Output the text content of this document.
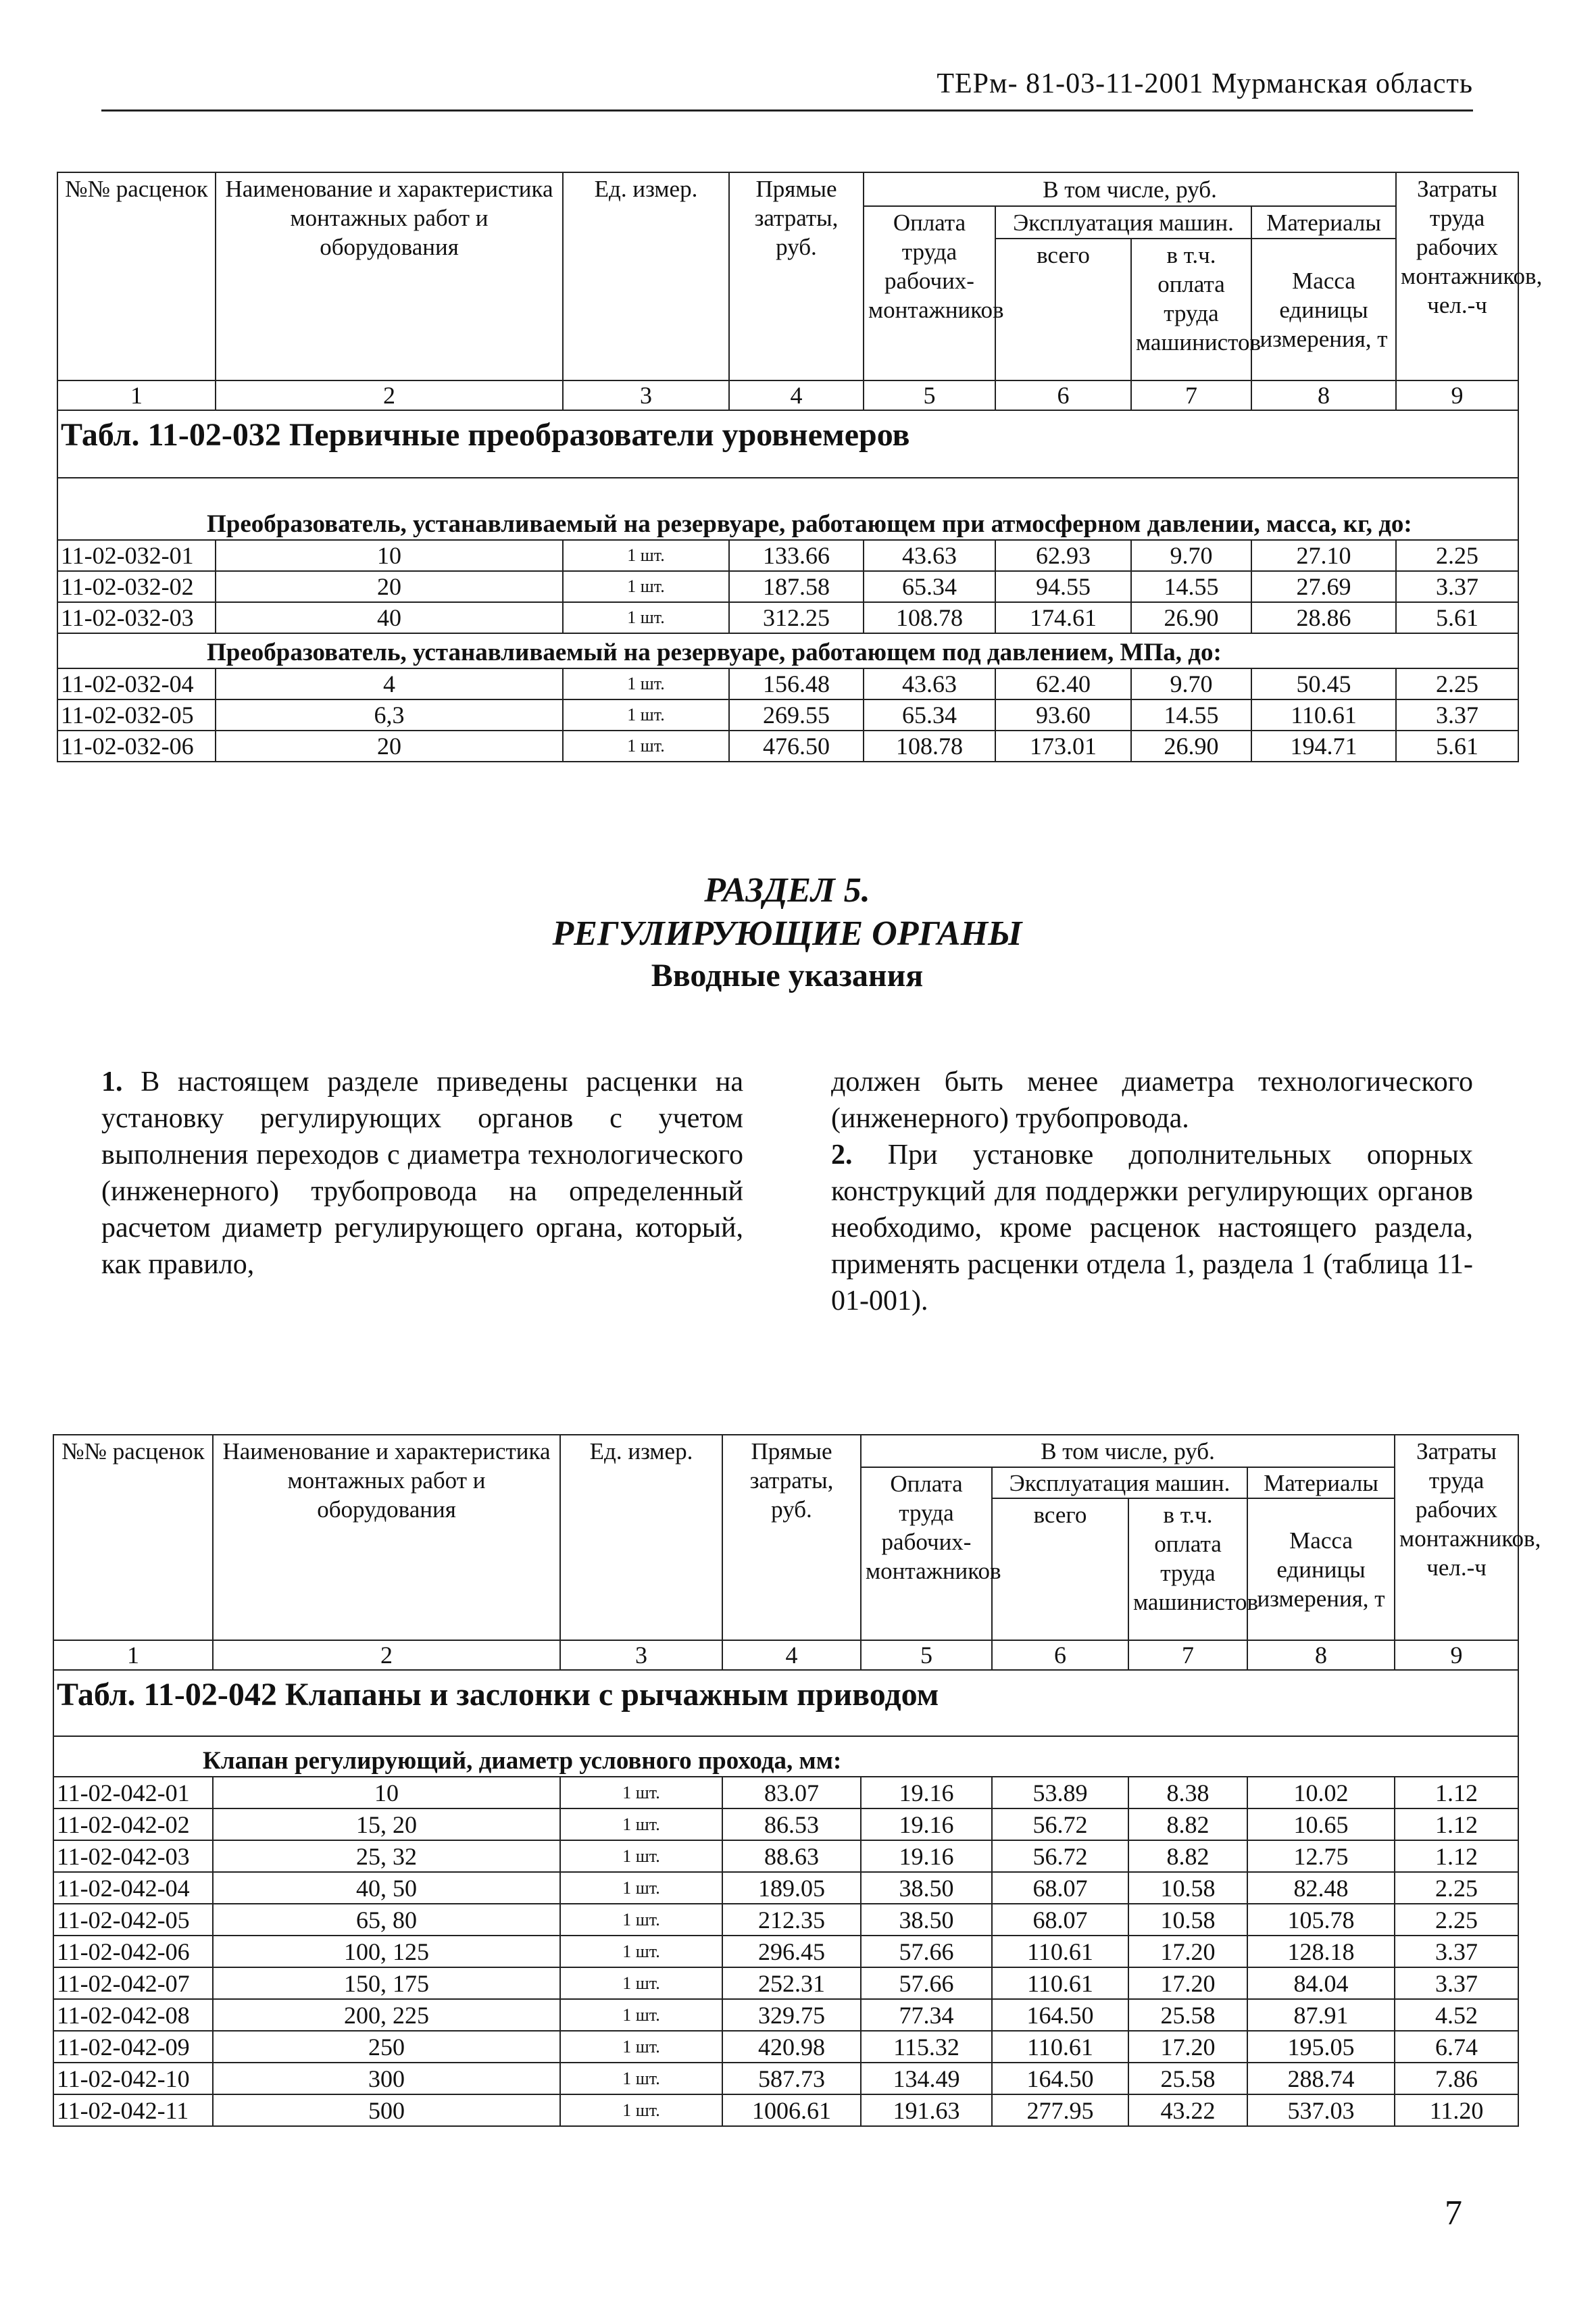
ТЕРм- 81-03-11-2001 Мурманская область
№№ расценок	Наименование и характеристика монтажных работ и оборудования	Ед. измер.	Прямые затраты, руб.	В том числе, руб.				Затраты труда рабочих монтажников, чел.-ч
				Оплата труда рабочих-монтажников	Эксплуатация машин.		Материалы	
					всего	в т.ч. оплата труда машинистов	Масса единицы измерения, т	

1	2	3	4	5	6	7	8	9
Табл. 11-02-032 Первичные преобразователи уровнемеров								
Преобразователь, устанавливаемый на резервуаре, работающем при атмосферном давлении, масса, кг, до:								
11-02-032-01	10	1 шт.	133.66	43.63	62.93	9.70	27.10	2.25
11-02-032-02	20	1 шт.	187.58	65.34	94.55	14.55	27.69	3.37
11-02-032-03	40	1 шт.	312.25	108.78	174.61	26.90	28.86	5.61
Преобразователь, устанавливаемый на резервуаре, работающем под давлением, МПа, до:								
11-02-032-04	4	1 шт.	156.48	43.63	62.40	9.70	50.45	2.25
11-02-032-05	6,3	1 шт.	269.55	65.34	93.60	14.55	110.61	3.37
11-02-032-06	20	1 шт.	476.50	108.78	173.01	26.90	194.71	5.61
РАЗДЕЛ 5.
РЕГУЛИРУЮЩИЕ ОРГАНЫ
Вводные указания

1. В настоящем разделе приведены расценки на установку регулирующих органов с учетом выполнения переходов с диаметра технологического (инженерного) трубопровода на определенный расчетом диаметр регулирующего органа, который, как правило,

должен быть менее диаметра технологического (инженерного) трубопровода.

2. При установке дополнительных опорных конструкций для поддержки регулирующих органов необходимо, кроме расценок настоящего раздела, применять расценки отдела 1, раздела 1 (таблица 11-01-001).

№№ расценок	Наименование и характеристика монтажных работ и оборудования	Ед. измер.	Прямые затраты, руб.	В том числе, руб.				Затраты труда рабочих монтажников, чел.-ч
				Оплата труда рабочих-монтажников	Эксплуатация машин.		Материалы	
					всего	в т.ч. оплата труда машинистов	Масса единицы измерения, т	

1	2	3	4	5	6	7	8	9
Табл. 11-02-042 Клапаны и заслонки с рычажным приводом								
Клапан регулирующий, диаметр условного прохода, мм:								
11-02-042-01	10	1 шт.	83.07	19.16	53.89	8.38	10.02	1.12
11-02-042-02	15, 20	1 шт.	86.53	19.16	56.72	8.82	10.65	1.12
11-02-042-03	25, 32	1 шт.	88.63	19.16	56.72	8.82	12.75	1.12
11-02-042-04	40, 50	1 шт.	189.05	38.50	68.07	10.58	82.48	2.25
11-02-042-05	65, 80	1 шт.	212.35	38.50	68.07	10.58	105.78	2.25
11-02-042-06	100, 125	1 шт.	296.45	57.66	110.61	17.20	128.18	3.37
11-02-042-07	150, 175	1 шт.	252.31	57.66	110.61	17.20	84.04	3.37
11-02-042-08	200, 225	1 шт.	329.75	77.34	164.50	25.58	87.91	4.52
11-02-042-09	250	1 шт.	420.98	115.32	110.61	17.20	195.05	6.74
11-02-042-10	300	1 шт.	587.73	134.49	164.50	25.58	288.74	7.86
11-02-042-11	500	1 шт.	1006.61	191.63	277.95	43.22	537.03	11.20
7
